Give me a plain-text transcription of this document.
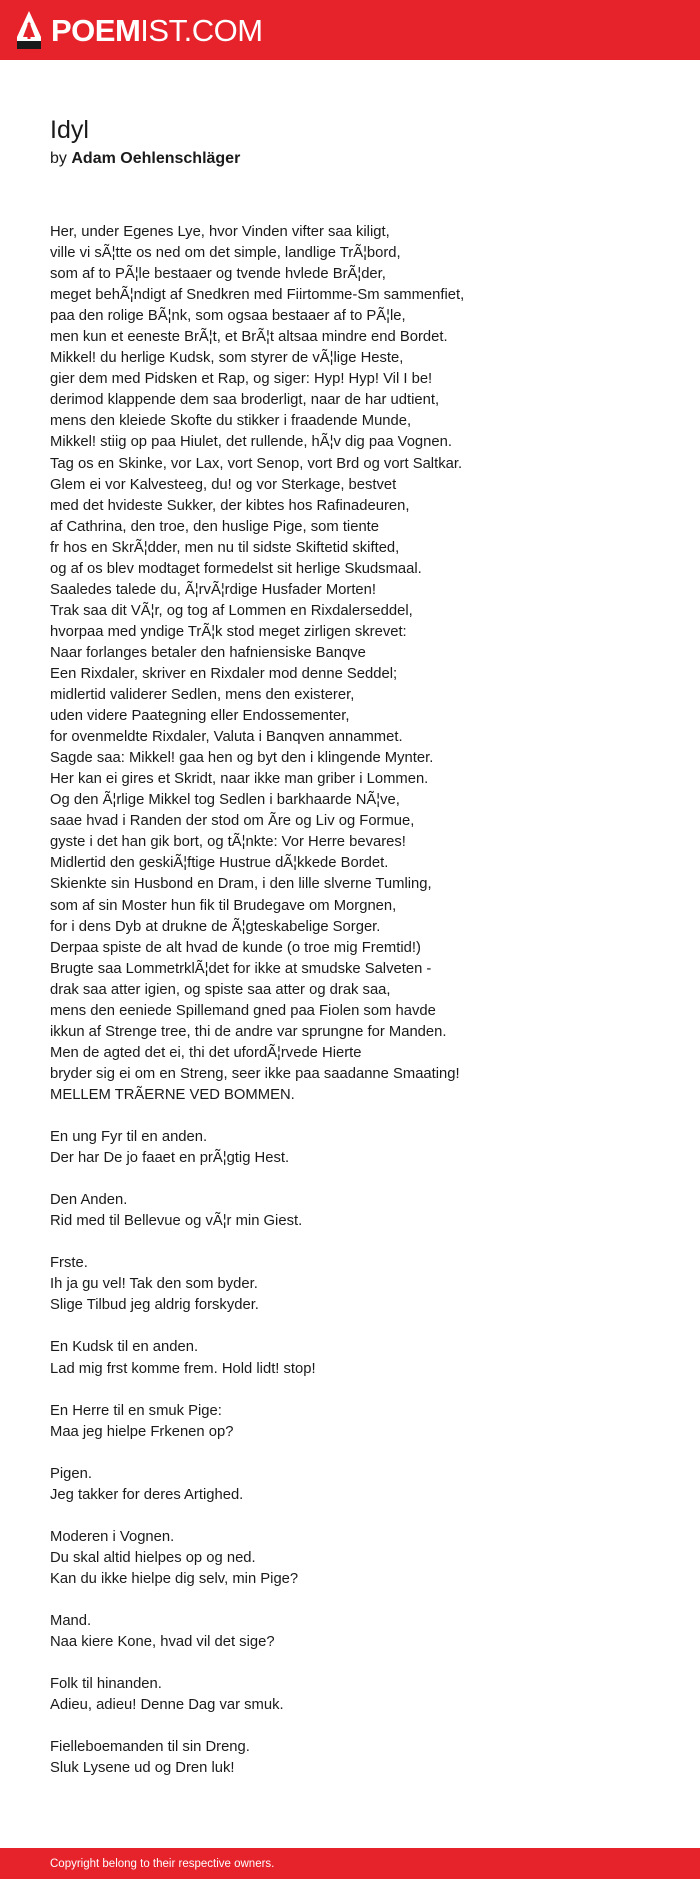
POEMIST.COM
Idyl
by Adam Oehlenschläger
Her, under Egenes Lye, hvor Vinden vifter saa kiligt,
ville vi sÃ¦tte os ned om det simple, landlige TrÃ¦bord,
som af to PÃ¦le bestaaer og tvende hvlede BrÃ¦der,
meget behÃ¦ndigt af Snedkren med Fiirtomme-Sm sammenfiet,
paa den rolige BÃ¦nk, som ogsaa bestaaer af to PÃ¦le,
men kun et eeneste BrÃ¦t, et BrÃ¦t altsaa mindre end Bordet.
Mikkel! du herlige Kudsk, som styrer de vÃ¦lige Heste,
gier dem med Pidsken et Rap, og siger: Hyp! Hyp! Vil I be!
derimod klappende dem saa broderligt, naar de har udtient,
mens den kleiede Skofte du stikker i fraadende Munde,
Mikkel! stiig op paa Hiulet, det rullende, hÃ¦v dig paa Vognen.
Tag os en Skinke, vor Lax, vort Senop, vort Brd og vort Saltkar.
Glem ei vor Kalvesteeg, du! og vor Sterkage, bestvet
med det hvideste Sukker, der kibtes hos Rafinadeuren,
af Cathrina, den troe, den huslige Pige, som tiente
fr hos en SkrÃ¦dder, men nu til sidste Skiftetid skifted,
og af os blev modtaget formedelst sit herlige Skudsmaal.
Saaledes talede du, Ã¦rvÃ¦rdige Husfader Morten!
Trak saa dit VÃ¦r, og tog af Lommen en Rixdalerseddel,
hvorpaa med yndige TrÃ¦k stod meget zirligen skrevet:
Naar forlanges betaler den hafniensiske Banqve
Een Rixdaler, skriver en Rixdaler mod denne Seddel;
midlertid validerer Sedlen, mens den existerer,
uden videre Paategning eller Endossementer,
for ovenmeldte Rixdaler, Valuta i Banqven annammet.
Sagde saa: Mikkel! gaa hen og byt den i klingende Mynter.
Her kan ei gires et Skridt, naar ikke man griber i Lommen.
Og den Ã¦rlige Mikkel tog Sedlen i barkhaarde NÃ¦ve,
saae hvad i Randen der stod om Ãre og Liv og Formue,
gyste i det han gik bort, og tÃ¦nkte: Vor Herre bevares!
Midlertid den geskiÃ¦ftige Hustrue dÃ¦kkede Bordet.
Skienkte sin Husbond en Dram, i den lille slverne Tumling,
som af sin Moster hun fik til Brudegave om Morgnen,
for i dens Dyb at drukne de Ã¦gteskabelige Sorger.
Derpaa spiste de alt hvad de kunde (o troe mig Fremtid!)
Brugte saa LommetrklÃ¦det for ikke at smudske Salveten -
drak saa atter igien, og spiste saa atter og drak saa,
mens den eeniede Spillemand gned paa Fiolen som havde
ikkun af Strenge tree, thi de andre var sprungne for Manden.
Men de agted det ei, thi det ufordÃ¦rvede Hierte
bryder sig ei om en Streng, seer ikke paa saadanne Smaating!
MELLEM TRÃERNE VED BOMMEN.
En ung Fyr til en anden.
Der har De jo faaet en prÃ¦gtig Hest.
Den Anden.
Rid med til Bellevue og vÃ¦r min Giest.
Frste.
Ih ja gu vel! Tak den som byder.
Slige Tilbud jeg aldrig forskyder.
En Kudsk til en anden.
Lad mig frst komme frem. Hold lidt! stop!
En Herre til en smuk Pige:
Maa jeg hielpe Frkenen op?
Pigen.
Jeg takker for deres Artighed.
Moderen i Vognen.
Du skal altid hielpes op og ned.
Kan du ikke hielpe dig selv, min Pige?
Mand.
Naa kiere Kone, hvad vil det sige?
Folk til hinanden.
Adieu, adieu! Denne Dag var smuk.
Fielleboemanden til sin Dreng.
Sluk Lysene ud og Dren luk!
Copyright belong to their respective owners.
